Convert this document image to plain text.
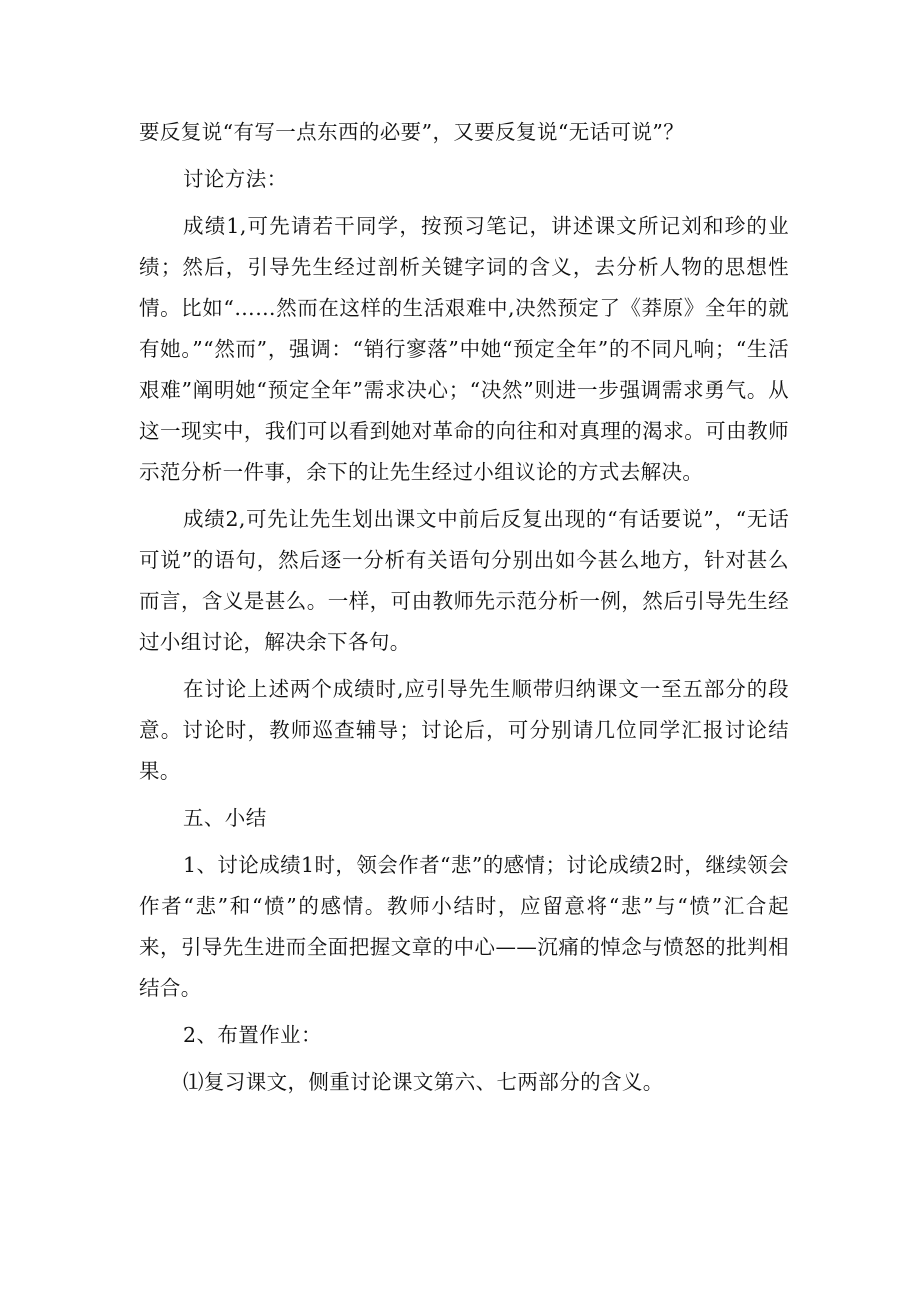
要反复说“有写一点东西的必要”，又要反复说“无话可说”？

讨论方法：

成绩1,可先请若干同学，按预习笔记，讲述课文所记刘和珍的业绩；然后，引导先生经过剖析关键字词的含义，去分析人物的思想性情。比如“……然而在这样的生活艰难中,决然预定了《莽原》全年的就有她。”“然而”，强调：“销行寥落”中她“预定全年”的不同凡响；“生活艰难”阐明她“预定全年”需求决心；“决然”则进一步强调需求勇气。从这一现实中，我们可以看到她对革命的向往和对真理的渴求。可由教师示范分析一件事，余下的让先生经过小组议论的方式去解决。

成绩2,可先让先生划出课文中前后反复出现的“有话要说”，“无话可说”的语句，然后逐一分析有关语句分别出如今甚么地方，针对甚么而言，含义是甚么。一样，可由教师先示范分析一例，然后引导先生经过小组讨论，解决余下各句。

在讨论上述两个成绩时,应引导先生顺带归纳课文一至五部分的段意。讨论时，教师巡查辅导；讨论后，可分别请几位同学汇报讨论结果。

五、小结

1、讨论成绩1时，领会作者“悲”的感情；讨论成绩2时，继续领会作者“悲”和“愤”的感情。教师小结时，应留意将“悲”与“愤”汇合起来，引导先生进而全面把握文章的中心——沉痛的悼念与愤怒的批判相结合。

2、布置作业：

⑴复习课文，侧重讨论课文第六、七两部分的含义。
